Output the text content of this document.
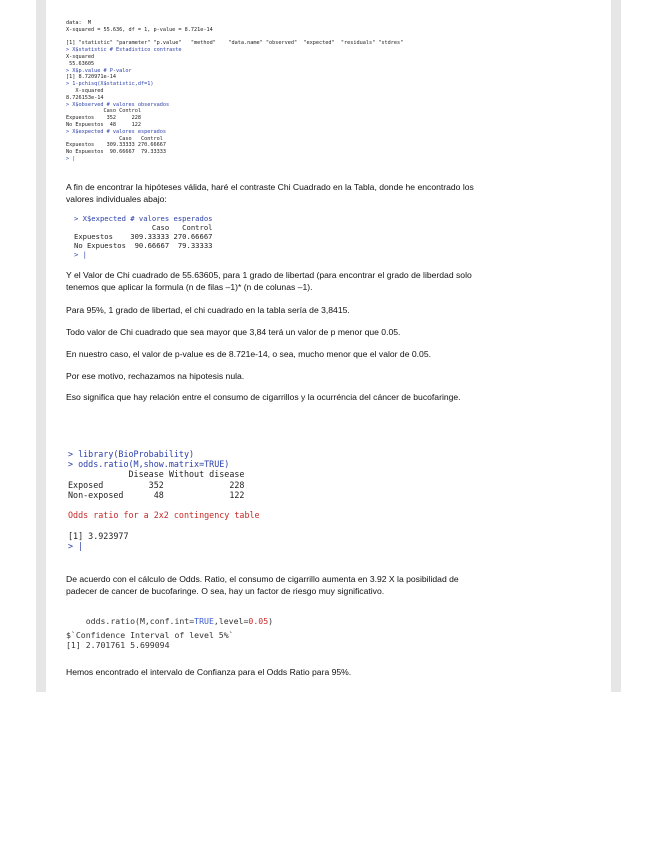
data:  M
X-squared = 55.636, df = 1, p-value = 8.721e-14

[1] "statistic" "parameter" "p.value"   "method"    "data.name" "observed"  "expected"  "residuals" "stdres"
> X$statistic # Estadistico contraste
X-squared
55.63605
> X$p.value # P-valor
[1] 8.720971e-14
> 1-pchisq(X$statistic,df=1)
X-squared
8.726153e-14
> X$observed # valores observados
Caso Control
Expuestos    352     228
No Expuestos  48     122
> X$expected # valores esperados
Caso   Control
Expuestos    309.33333 270.66667
No Expuestos  90.66667  79.33333
> |

A fin de encontrar la hipóteses válida, haré el contraste Chi Cuadrado en la Tabla, donde he encontrado los valores individuales abajo:

> X$expected # valores esperados
Caso   Control
Expuestos    309.33333 270.66667
No Expuestos  90.66667  79.33333
> |

Y el Valor de Chi cuadrado de 55.63605, para 1 grado de libertad (para encontrar el grado de liberdad solo tenemos que aplicar la formula (n de filas –1)* (n de colunas –1).

Para 95%, 1 grado de libertad, el chi cuadrado en la tabla sería de 3,8415.

Todo valor de Chi cuadrado que sea mayor que 3,84 terá un valor de p menor que 0.05.

En nuestro caso, el valor de p-value es de 8.721e-14, o sea, mucho menor que el valor de 0.05.

Por ese motivo, rechazamos na hipotesis nula.

Eso significa que hay relación entre el consumo de cigarrillos y la ocurréncia del cáncer de bucofaringe.

> library(BioProbability)
> odds.ratio(M,show.matrix=TRUE)
Disease Without disease
Exposed         352             228
Non-exposed      48             122

Odds ratio for a 2x2 contingency table

[1] 3.923977
> |

De acuerdo con el cálculo de Odds. Ratio, el consumo de cigarrillo aumenta en 3.92 X la posibilidad de padecer de cancer de bucofaringe. O sea, hay un factor de riesgo muy significativo.

odds.ratio(M,conf.int=TRUE,level=0.05)

$`Confidence Interval of level 5%`
[1] 2.701761 5.699094

Hemos encontrado el intervalo de Confianza para el Odds Ratio para 95%.
